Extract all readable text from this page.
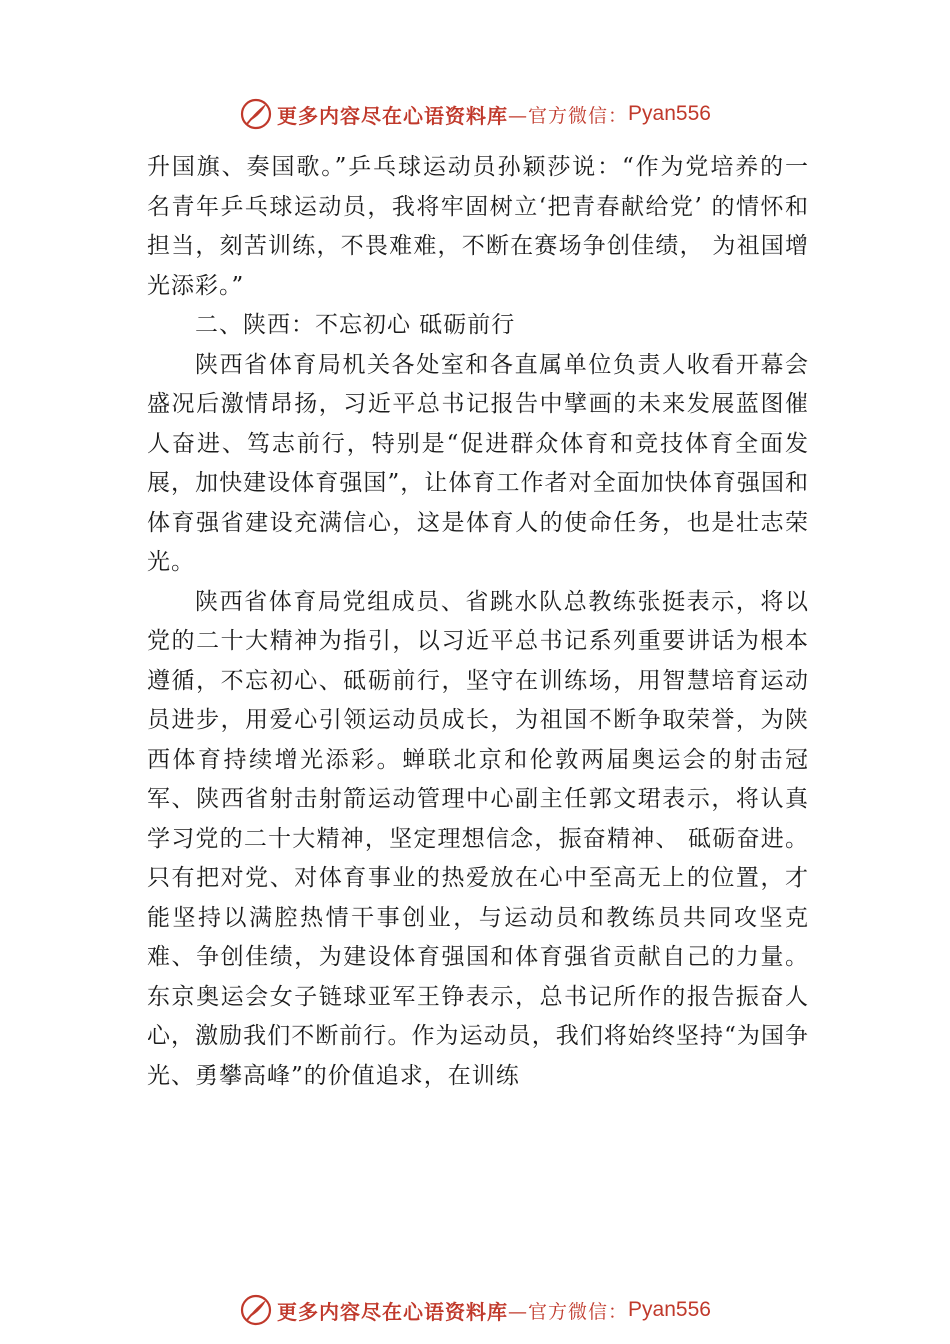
更多内容尽在心语资料库 —官方微信： Pyan556

升国旗、奏国歌。”乒乓球运动员孙颖莎说：“作为党培养的一名青年乒乓球运动员，我将牢固树立‘把青春献给党’ 的情怀和担当，刻苦训练，不畏难难，不断在赛场争创佳绩， 为祖国增光添彩。”

二、陕西：不忘初心 砥砺前行

陕西省体育局机关各处室和各直属单位负责人收看开幕会盛况后激情昂扬，习近平总书记报告中擘画的未来发展蓝图催人奋进、笃志前行，特别是“促进群众体育和竞技体育全面发展，加快建设体育强国”，让体育工作者对全面加快体育强国和体育强省建设充满信心，这是体育人的使命任务，也是壮志荣光。

陕西省体育局党组成员、省跳水队总教练张挺表示，将以党的二十大精神为指引，以习近平总书记系列重要讲话为根本遵循，不忘初心、砥砺前行，坚守在训练场，用智慧培育运动员进步，用爱心引领运动员成长，为祖国不断争取荣誉，为陕西体育持续增光添彩。蝉联北京和伦敦两届奥运会的射击冠军、陕西省射击射箭运动管理中心副主任郭文珺表示，将认真学习党的二十大精神，坚定理想信念，振奋精神、 砥砺奋进。只有把对党、对体育事业的热爱放在心中至高无上的位置，才能坚持以满腔热情干事创业，与运动员和教练员共同攻坚克难、争创佳绩，为建设体育强国和体育强省贡献自己的力量。东京奥运会女子链球亚军王铮表示，总书记所作的报告振奋人心，激励我们不断前行。作为运动员，我们将始终坚持“为国争光、勇攀高峰”的价值追求，在训练

更多内容尽在心语资料库 —官方微信： Pyan556
